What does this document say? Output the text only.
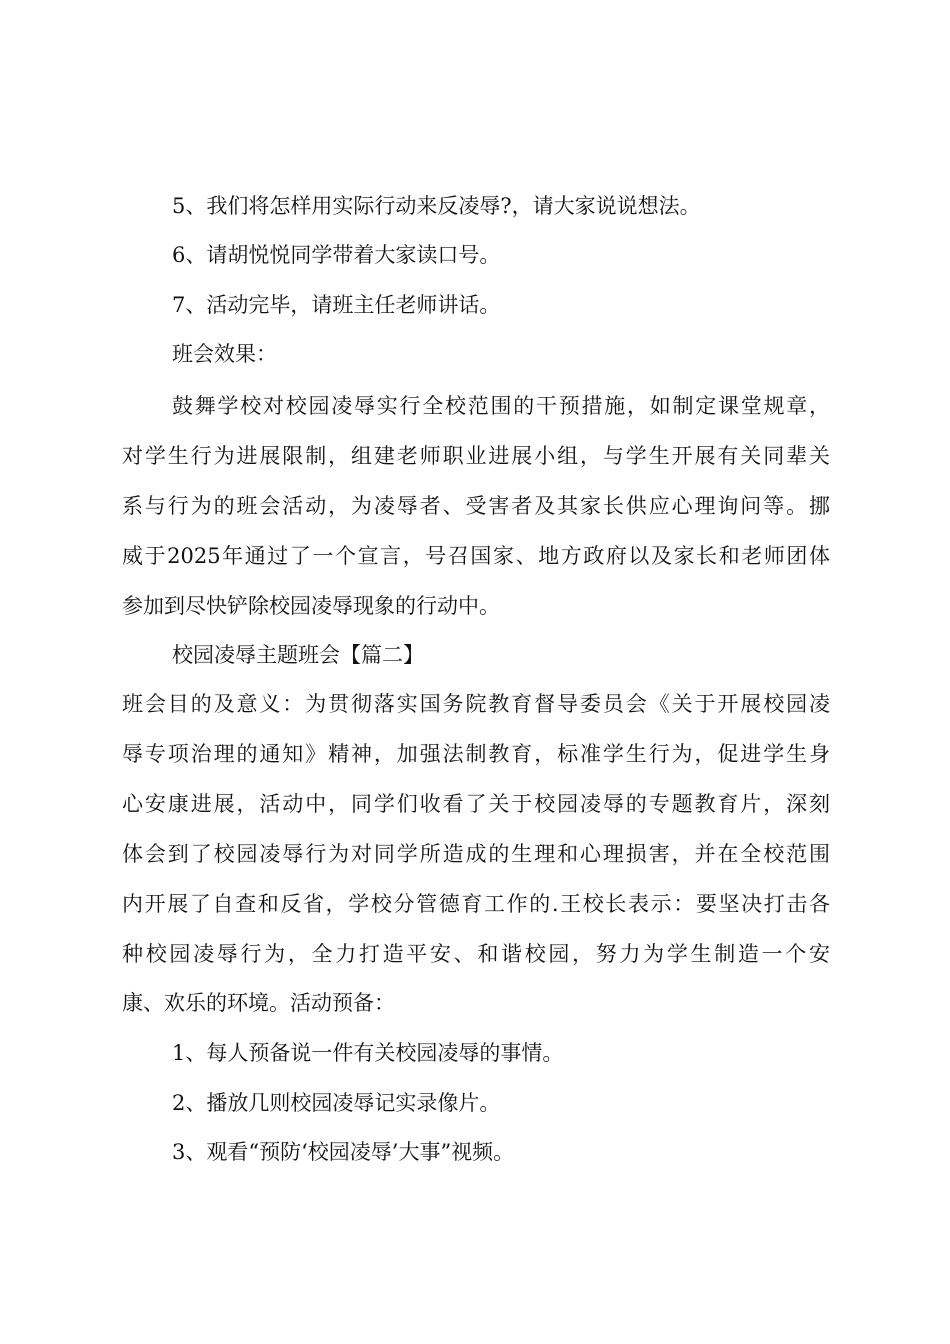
5、我们将怎样用实际行动来反凌辱?，请大家说说想法。
6、请胡悦悦同学带着大家读口号。
7、活动完毕，请班主任老师讲话。
班会效果：
鼓舞学校对校园凌辱实行全校范围的干预措施，如制定课堂规章，
对学生行为进展限制，组建老师职业进展小组，与学生开展有关同辈关
系与行为的班会活动，为凌辱者、受害者及其家长供应心理询问等。挪
威于2025年通过了一个宣言，号召国家、地方政府以及家长和老师团体
参加到尽快铲除校园凌辱现象的行动中。
校园凌辱主题班会【篇二】
班会目的及意义：为贯彻落实国务院教育督导委员会《关于开展校园凌
辱专项治理的通知》精神，加强法制教育，标准学生行为，促进学生身
心安康进展，活动中，同学们收看了关于校园凌辱的专题教育片，深刻
体会到了校园凌辱行为对同学所造成的生理和心理损害，并在全校范围
内开展了自查和反省，学校分管德育工作的.王校长表示：要坚决打击各
种校园凌辱行为，全力打造平安、和谐校园，努力为学生制造一个安
康、欢乐的环境。活动预备：
1、每人预备说一件有关校园凌辱的事情。
2、播放几则校园凌辱记实录像片。
3、观看“预防‘校园凌辱’大事”视频。
